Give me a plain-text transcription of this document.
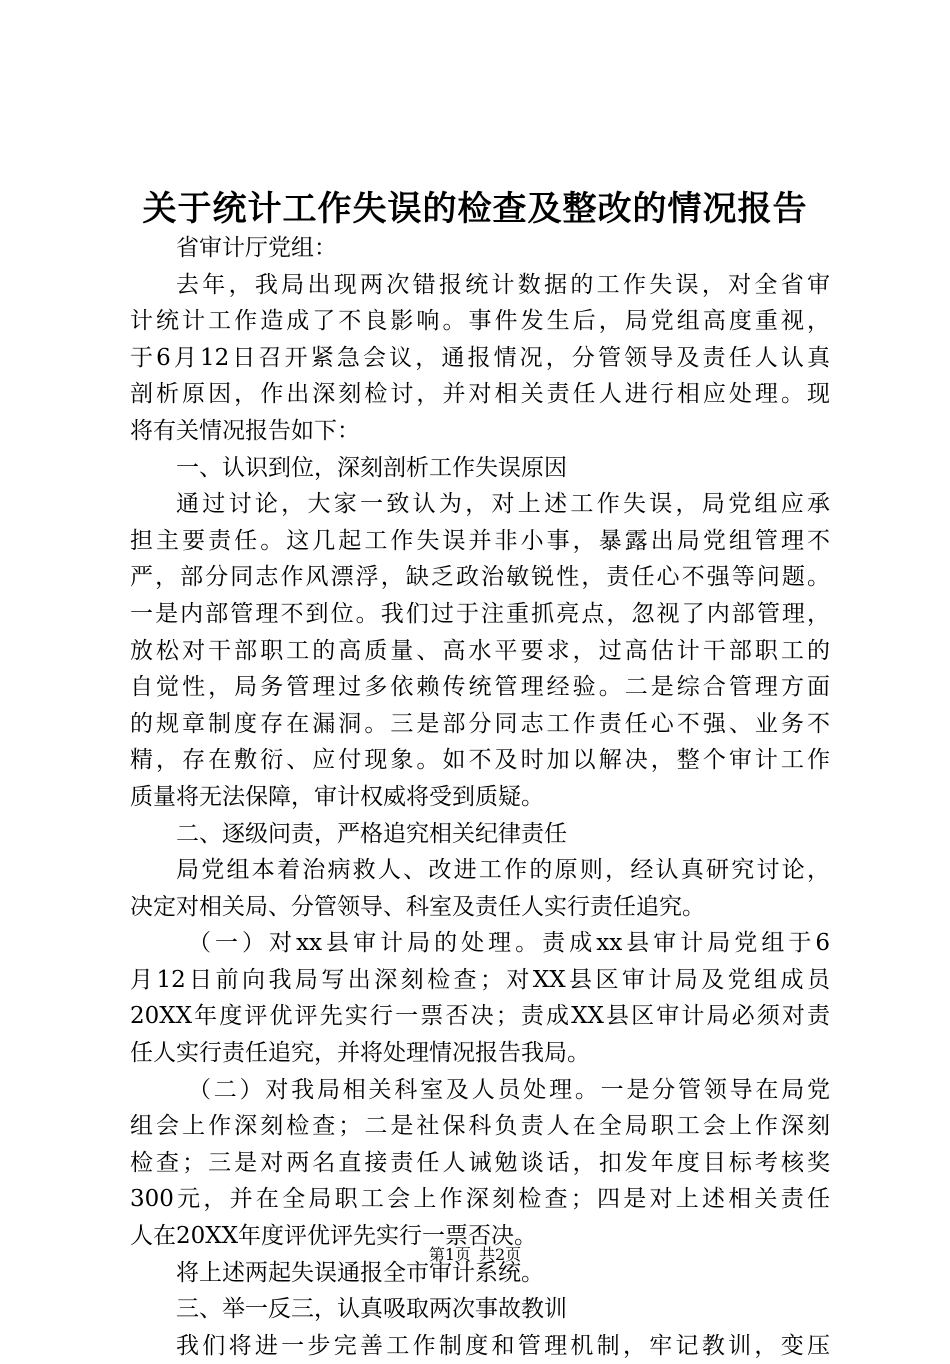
关于统计工作失误的检查及整改的情况报告
省审计厅党组：
去年，我局出现两次错报统计数据的工作失误，对全省审
计统计工作造成了不良影响。事件发生后，局党组高度重视，
于6月12日召开紧急会议，通报情况，分管领导及责任人认真
剖析原因，作出深刻检讨，并对相关责任人进行相应处理。现
将有关情况报告如下：
一、认识到位，深刻剖析工作失误原因
通过讨论，大家一致认为，对上述工作失误，局党组应承
担主要责任。这几起工作失误并非小事，暴露出局党组管理不
严，部分同志作风漂浮，缺乏政治敏锐性，责任心不强等问题。
一是内部管理不到位。我们过于注重抓亮点，忽视了内部管理，
放松对干部职工的高质量、高水平要求，过高估计干部职工的
自觉性，局务管理过多依赖传统管理经验。二是综合管理方面
的规章制度存在漏洞。三是部分同志工作责任心不强、业务不
精，存在敷衍、应付现象。如不及时加以解决，整个审计工作
质量将无法保障，审计权威将受到质疑。
二、逐级问责，严格追究相关纪律责任
局党组本着治病救人、改进工作的原则，经认真研究讨论，
决定对相关局、分管领导、科室及责任人实行责任追究。
（一）对xx县审计局的处理。责成xx县审计局党组于6
月12日前向我局写出深刻检查；对XX县区审计局及党组成员
20XX年度评优评先实行一票否决；责成XX县区审计局必须对责
任人实行责任追究，并将处理情况报告我局。
（二）对我局相关科室及人员处理。一是分管领导在局党
组会上作深刻检查；二是社保科负责人在全局职工会上作深刻
检查；三是对两名直接责任人诫勉谈话，扣发年度目标考核奖
300元，并在全局职工会上作深刻检查；四是对上述相关责任
人在20XX年度评优评先实行一票否决。
将上述两起失误通报全市审计系统。
三、举一反三，认真吸取两次事故教训
我们将进一步完善工作制度和管理机制，牢记教训，变压
第1页 共2页
